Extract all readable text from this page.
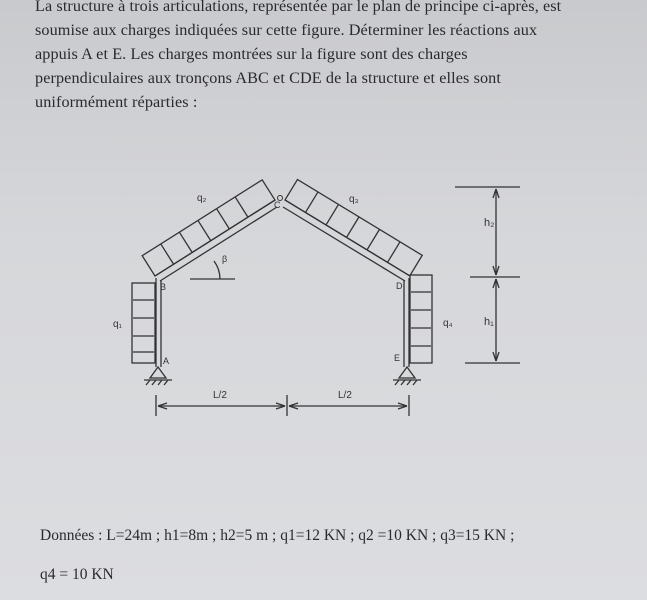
La structure à trois articulations, représentée par le plan de principe ci-après, est

soumise aux charges indiquées sur cette figure. Déterminer les réactions aux

appuis A et E. Les charges montrées sur la figure sont des charges

perpendiculaires aux tronçons ABC et CDE de la structure et elles sont

uniformément réparties :

A
B
C
D
E
q₁
q₂	q₃
q₄
β
h₁
h₂
L/2	L/2
Données : L=24m ; h1=8m ; h2=5 m ; q1=12 KN ; q2 =10 KN ; q3=15 KN ;
q4 = 10 KN
